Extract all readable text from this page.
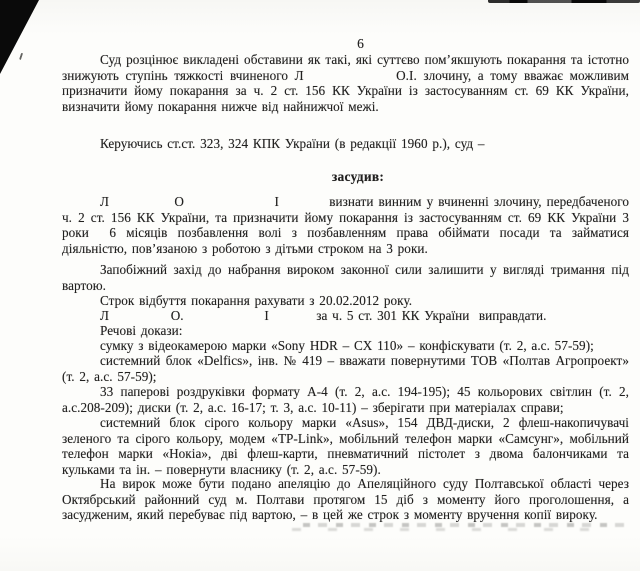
6

Суд розцінює викладені обставини як такі, які суттєво пом’якшують покарання та істотно знижують ступінь тяжкості вчиненого Л              О.І. злочину, а тому вважає можливим призначити йому покарання за ч. 2 ст. 156 КК України із застосуванням ст. 69 КК України, визначити йому покарання нижче від найнижчої межі.

Керуючись ст.ст. 323, 324 КПК України (в редакції 1960 р.), суд –

засудив:

Л             О                  І          визнати винним у вчиненні злочину, передбаченого ч. 2 ст. 156 КК України, та призначити йому покарання із застосуванням ст. 69 КК України 3 роки  6 місяців позбавлення волі з позбавленням права обіймати посади та займатися діяльністю, пов’язаною з роботою з дітьми строком на 3 роки.

Запобіжний захід до набрання вироком законної сили залишити у вигляді тримання під вартою.

Строк відбуття покарання рахувати з 20.02.2012 року.

Л             О.                 І          за ч. 5 ст. 301 КК України  виправдати.

Речові докази:

сумку з відеокамерою марки «Sony HDR – CX 110» – конфіскувати (т. 2, а.с. 57-59);

системний блок «Delfics», інв. № 419 – вважати повернутими ТОВ «Полтав Агропроект» (т. 2, а.с. 57-59);

33 паперові роздруківки формату А-4 (т. 2, а.с. 194-195); 45 кольорових світлин (т. 2, а.с.208-209); диски (т. 2, а.с. 16-17; т. 3, а.с. 10-11) – зберігати при матеріалах справи;

системний блок сірого кольору марки «Asus», 154 ДВД-диски, 2 флеш-накопичувачі зеленого та сірого кольору, модем «TP-Link», мобільний телефон марки «Самсунг», мобільний телефон марки «Нокіа», дві флеш-карти, пневматичний пістолет з двома балончиками та кульками та ін. – повернути власнику (т. 2, а.с. 57-59).

На вирок може бути подано апеляцію до Апеляційного суду Полтавської області через Октябрський районний суд м. Полтави протягом 15 діб з моменту його проголошення, а засудженим, який перебуває під вартою, – в цей же строк з моменту вручення копії вироку.
